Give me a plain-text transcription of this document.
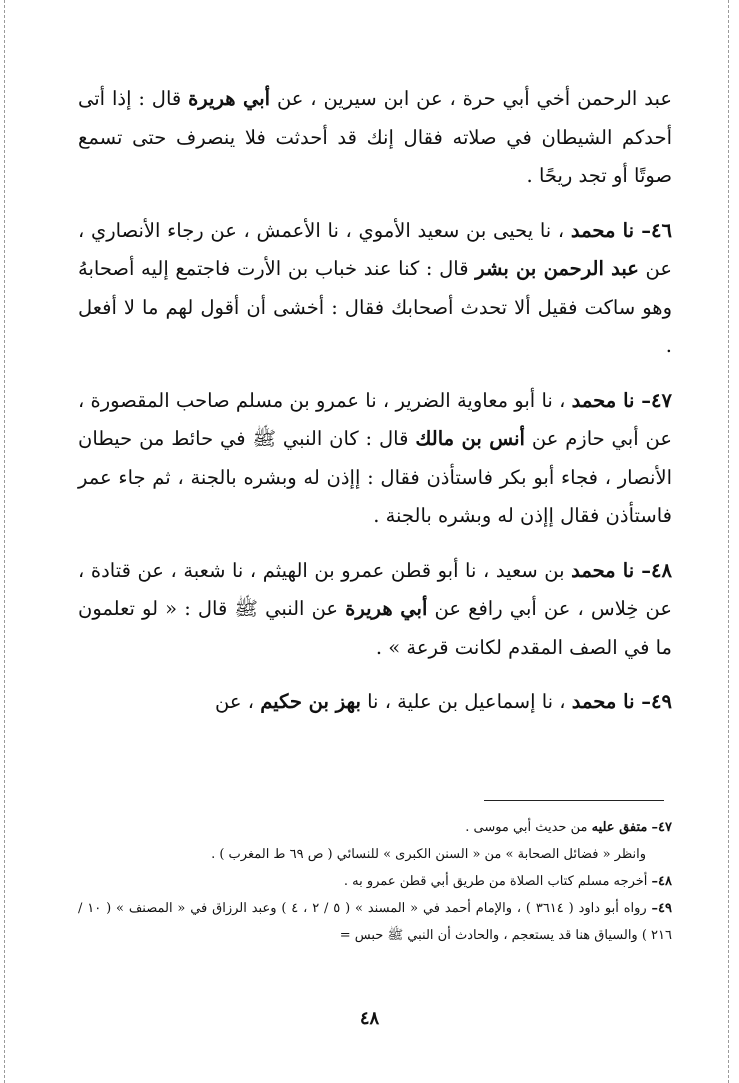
عبد الرحمن أخي أبي حرة ، عن ابن سيرين ، عن أبي هريرة قال : إذا أتى أحدكم الشيطان في صلاته فقال إنك قد أحدثت فلا ينصرف حتى تسمع صوتًا أو تجد ريحًا .

٤٦– نا محمد ، نا يحيى بن سعيد الأموي ، نا الأعمش ، عن رجاء الأنصاري ، عن عبد الرحمن بن بشر قال : كنا عند خباب بن الأرت فاجتمع إليه أصحابهُ وهو ساكت فقيل ألا تحدث أصحابك فقال : أخشى أن أقول لهم ما لا أفعل .

٤٧– نا محمد ، نا أبو معاوية الضرير ، نا عمرو بن مسلم صاحب المقصورة ، عن أبي حازم عن أنس بن مالك قال : كان النبي ﷺ في حائط من حيطان الأنصار ، فجاء أبو بكر فاستأذن فقال : إإذن له وبشره بالجنة ، ثم جاء عمر فاستأذن فقال إإذن له وبشره بالجنة .

٤٨– نا محمد بن سعيد ، نا أبو قطن عمرو بن الهيثم ، نا شعبة ، عن قتادة ، عن خِلاس ، عن أبي رافع عن أبي هريرة عن النبي ﷺ قال : « لو تعلمون ما في الصف المقدم لكانت قرعة » .

٤٩– نا محمد ، نا إسماعيل بن علية ، نا بهز بن حكيم ، عن

٤٧– متفق عليه من حديث أبي موسى .

وانظر « فضائل الصحابة » من « السنن الكبرى » للنسائي ( ص ٦٩ ط المغرب ) .

٤٨– أخرجه مسلم كتاب الصلاة من طريق أبي قطن عمرو به .

٤٩– رواه أبو داود ( ٣٦١٤ ) ، والإمام أحمد في « المسند » ( ٥ / ٢ ، ٤ ) وعبد الرزاق في « المصنف » ( ١٠ / ٢١٦ ) والسياق هنا قد يستعجم ، والحادث أن النبي ﷺ حبس =

٤٨
